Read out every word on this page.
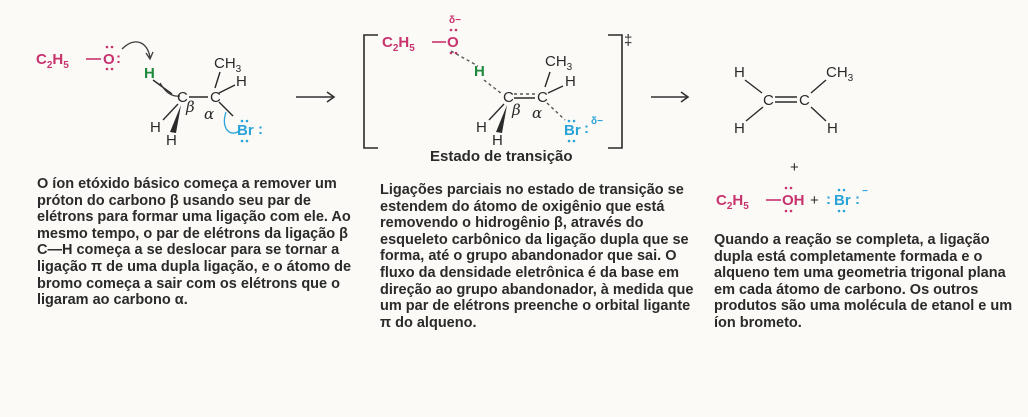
$C_2H_5$ O :
H
C
β
C
α
$CH_3$
H
Br :
H
H
‡
$C_2H_5$ O
δ−
H
C C
β α
$CH_3$
H
Br : δ−
H
H
H
C C
$CH_3$
H	H
+
$C_2H_5$ OH + : Br : −
Estado de transição

O íon etóxido básico começa a remover um próton do carbono β usando seu par de elétrons para formar uma ligação com ele. Ao mesmo tempo, o par de elétrons da ligação β C—H começa a se deslocar para se tornar a ligação π de uma dupla ligação, e o átomo de bromo começa a sair com os elétrons que o ligaram ao carbono α.

Ligações parciais no estado de transição se estendem do átomo de oxigênio que está removendo o hidrogênio β, através do esqueleto carbônico da ligação dupla que se forma, até o grupo abandonador que sai. O fluxo da densidade eletrônica é da base em direção ao grupo abandonador, à medida que um par de elétrons preenche o orbital ligante π do alqueno.

Quando a reação se completa, a ligação dupla está completamente formada e o alqueno tem uma geometria trigonal plana em cada átomo de carbono. Os outros produtos são uma molécula de etanol e um íon brometo.
